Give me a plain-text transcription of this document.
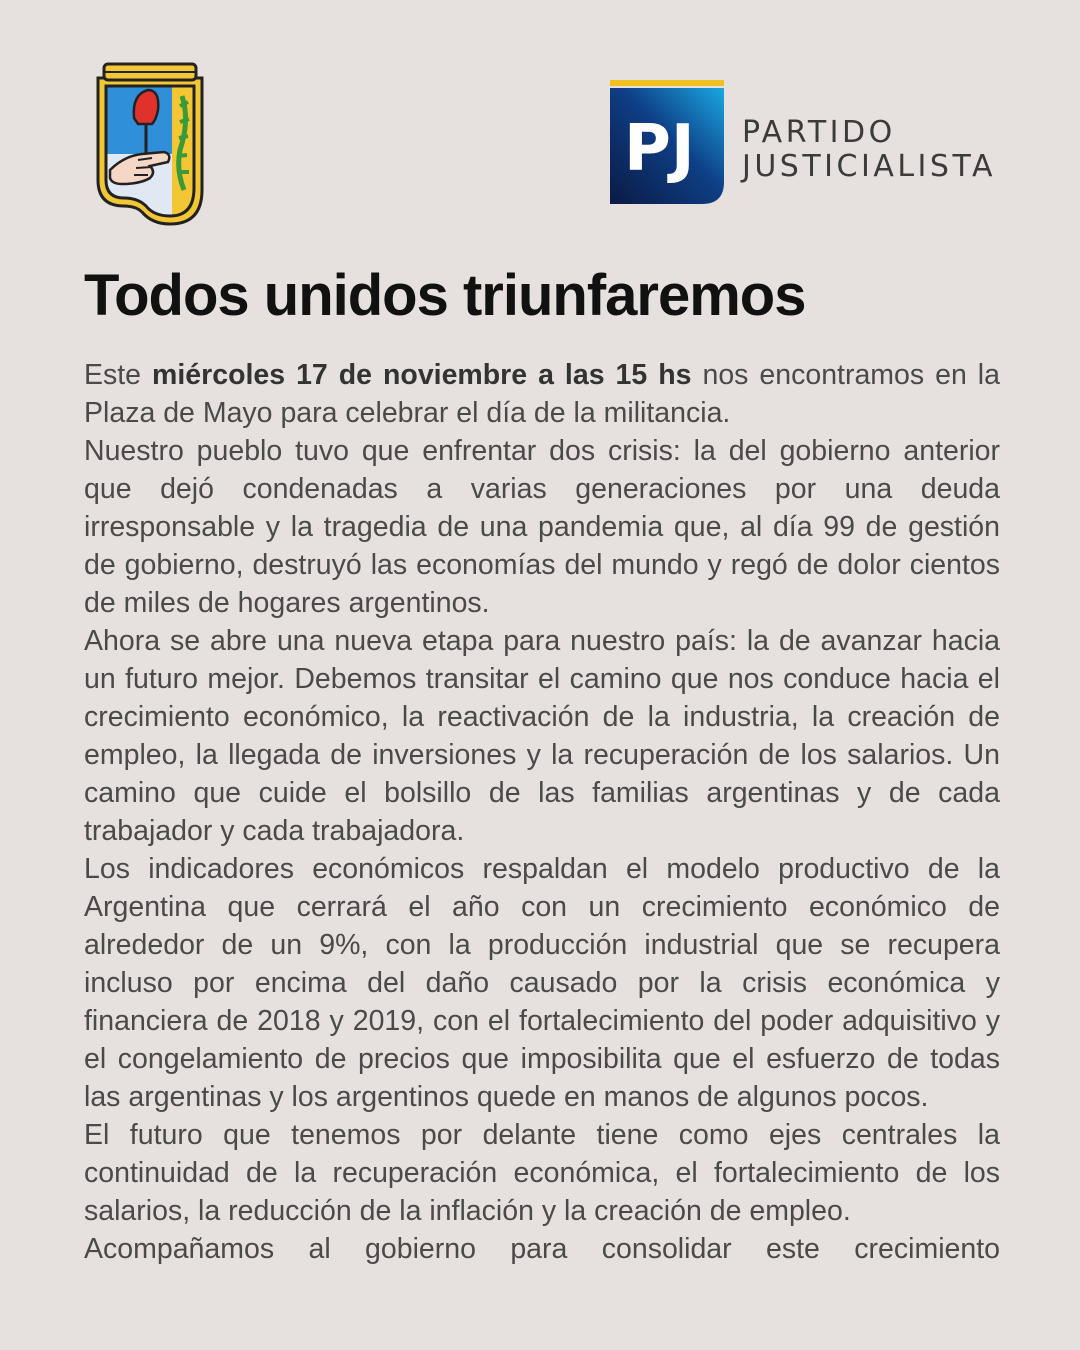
PJ PARTIDO
JUSTICIALISTA
Todos unidos triunfaremos

Este miércoles 17 de noviembre a las 15 hs nos encontramos en la Plaza de Mayo para celebrar el día de la militancia.

Nuestro pueblo tuvo que enfrentar dos crisis: la del gobierno anterior que dejó condenadas a varias generaciones por una deuda irresponsable y la tragedia de una pandemia que, al día 99 de gestión de gobierno, destruyó las economías del mundo y regó de dolor cientos de miles de hogares argentinos.

Ahora se abre una nueva etapa para nuestro país: la de avanzar hacia un futuro mejor. Debemos transitar el camino que nos conduce hacia el crecimiento económico, la reactivación de la industria, la creación de empleo, la llegada de inversiones y la recuperación de los salarios. Un camino que cuide el bolsillo de las familias argentinas y de cada trabajador y cada trabajadora.

Los indicadores económicos respaldan el modelo productivo de la Argentina que cerrará el año con un crecimiento económico de alrededor de un 9%, con la producción industrial que se recupera incluso por encima del daño causado por la crisis económica y financiera de 2018 y 2019, con el fortalecimiento del poder adquisitivo y el congelamiento de precios que imposibilita que el esfuerzo de todas las argentinas y los argentinos quede en manos de algunos pocos.

El futuro que tenemos por delante tiene como ejes centrales la continuidad de la recuperación económica, el fortalecimiento de los salarios, la reducción de la inflación y la creación de empleo.

Acompañamos al gobierno para consolidar este crecimiento
